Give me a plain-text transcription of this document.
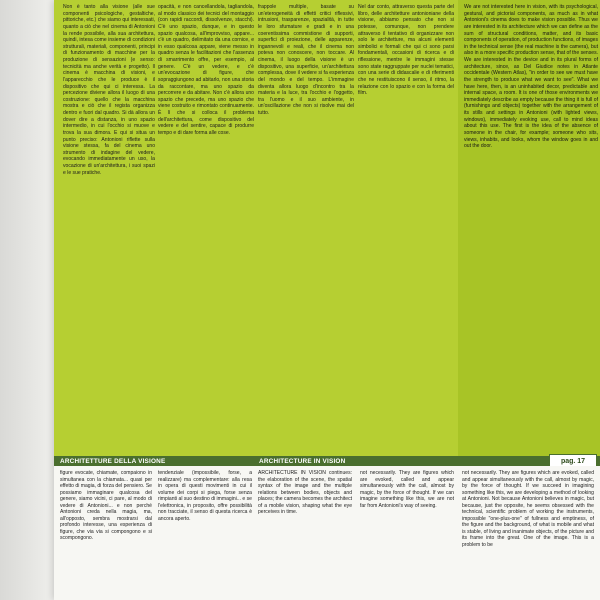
Non è tanto alla visione (alle sue componenti psicologiche, gestaltiche, pittoriche, etc.) che siamo qui interessati, quanto a ciò che nel cinema di Antonioni la rende possibile, alla sua architettura, quindi, intesa come insieme di condizioni strutturali, materiali, componenti, principi di funzionamento di macchine per la produzione di sensazioni (e senso: tecnicità ma anche verità e progetto). Il cinema è macchina di visioni, e l'apparecchio che le produce è il dispositivo che qui ci interessa. La percezione diviene allora il luogo di una costruzione: quello che la macchina mostra e ciò che il regista organizza dentro e fuori dal quadro. Si dà allora un dover dire a distanza, in uno spazio intermedio, in cui l'occhio si muove e trova la sua dimora. E qui si situa un punto preciso: Antonioni riflette sulla visione stessa, fa del cinema uno strumento di indagine del vedere, evocando immediatamente un uso, la vocazione di un'architettura, i suoi spazi e le sue pratiche.

opacità, e non cancellandola, tagliandola, al modo classico dei tecnici del montaggio (con rapidi raccordi, dissolvenze, stacchi). C'è uno spazio, dunque, e in questo spazio qualcosa, all'improvviso, appare... c'è un quadro, delimitato da una cornice, e in esso qualcosa appare, viene messo in quadro senza le facilitazioni che l'assenza di smarrimento offre, per esempio, al genere. C'è un vedere, e c'è un'evocazione di figure, che sopraggiungono ad abitarlo, non una storia da raccontare, ma uno spazio da percorrere e da abitare. Non c'è allora uno spazio che precede, ma uno spazio che viene costruito e rimontato continuamente. È lì che si colloca il problema dell'architettura, come dispositivo del vedere e del sentire, capace di produrre tempo e di dare forma alle cose.

frappole multiple, basate su un'eterogeneità di effetti critici riflessivi, intrusioni, trasparenze, spazialità, in tutte le loro sfumature e gradi e in una coerentissima commistione di supporti, superfici di proiezione, delle apparenze, ingannevoli e reali, che il cinema non poteva non conoscere, non toccare. Al cinema, il luogo della visione è un dispositivo, una superficie, un'architettura complessa, dove il vedere si fa esperienza del mondo e del tempo. L'immagine diventa allora luogo d'incontro tra la materia e la luce, tra l'occhio e l'oggetto, tra l'uomo e il suo ambiente, in un'oscillazione che non si risolve mai del tutto.

Nel dar conto, attraverso questa parte del libro, delle architetture antonioniane della visione, abbiamo pensato che non si potesse, comunque, non prendere attraverso il tentativo di organizzare non solo le architetture, ma alcuni elementi simbolici e formali che qui ci sono parsi fondamentali, occasioni di ricerca e di riflessione, mentre le immagini stesse sono state raggruppate per nuclei tematici, con una serie di didascalie e di riferimenti che ne restituiscono il senso, il ritmo, la relazione con lo spazio e con la forma del film.

We are not interested here in vision, with its psychological, gestural, and pictorial components, as much as in what Antonioni's cinema does to make vision possible. Thus we are interested in its architecture which we can define as the sum of structural conditions, matter, and its basic components of operation, of production functions, of images in the technical sense (the real machine is the camera), but also in a more specific production sense, that of the senses. We are interested in the device and in its plural forms of architecture, since, as Del Giudice notes in Atlante occidentale (Western Atlas), "in order to see we must have the strength to produce what we want to see". What we have here, then, is an uninhabited decor, predictable and internal space, a room. It is one of those environments we immediately describe as empty because the thing it is full of (furnishings and objects) together with the arrangement of its stills and settings in Antonioni (with lighted views, windows), immediately evoking use, call to mind ideas about this use. The first is the idea of the absence of someone in the chair, for example; someone who sits, views, inhabits, and looks, whom the window goes in and out the door.

ARCHITETTURE DELLA VISIONE	ARCHITECTURE IN VISION	pag. 17

figure evocate, chiamate, compaiono in simultanea con la chiamata... quasi per effetto di magia, di forza del pensiero. Se possiamo immaginare qualcosa del genere, siamo vicini, ci pare, al modo di vedere di Antonioni... e non perché Antonioni creda nella magia, ma, all'opposto, sembra mostrarsi dal profondo interesse, una esperienza di figure, che via via si compongono e si scompongono.

tendenziale (impossibile, forse, a realizzare) ma complementare: alla resa in opera di questi movimenti in cui il volume dei corpi si piega, forse senza rimpianti al suo destino di immagini... e se l'elettronica, in proposito, offre possibilità non tracciate, il senso di questa ricerca è ancora aperto.

ARCHITECTURE IN VISION continues: the elaboration of the scene, the spatial syntax of the image and the multiple relations between bodies, objects and places; the camera becomes the architect of a mobile vision, shaping what the eye perceives in time.

not necessarily. They are figures which are evoked, called and appear simultaneously with the call, almost by magic, by the force of thought. If we can imagine something like this, we are not far from Antonioni's way of seeing.

not necessarily. They are figures which are evoked, called and appear simultaneously with the call, almost by magic, by the force of thought. If we succeed in imagining something like this, we are developing a method of looking at Antonioni. Not because Antonioni believes in magic, but because, just the opposite, he seems obsessed with the technical, scientific problem of working the instruments, impossible "one-plus-one" of fullness and emptiness, of the figure and the background, of what is mobile and what is stable, of living and inanimate objects, of the picture and its frame into the great. One of the image. This is a problem to be
